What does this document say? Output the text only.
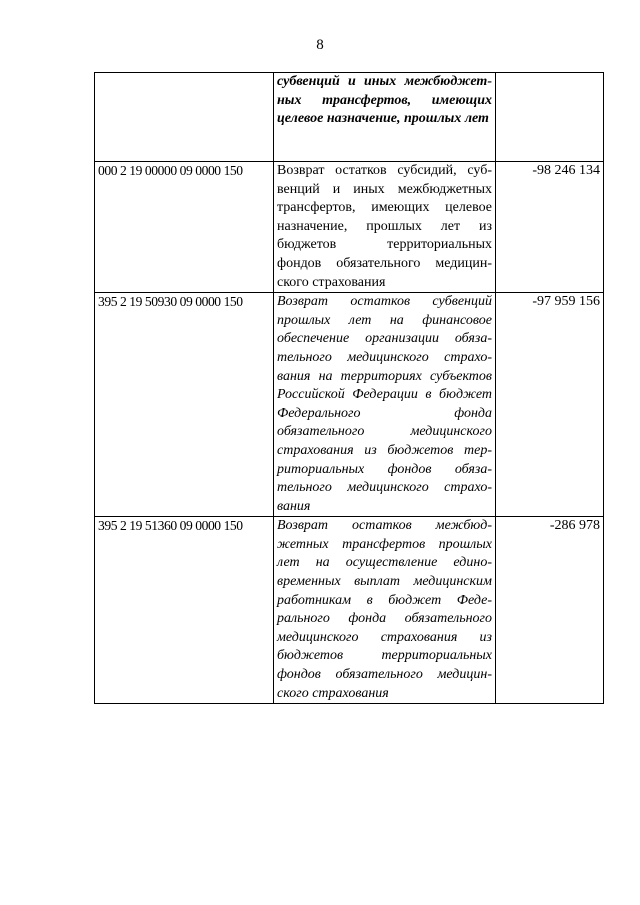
8
	субвенций и иных межбюджетных трансфертов, имеющих целевое назначение, прошлых лет	
000 2 19 00000 09 0000 150	Возврат остатков субсидий, субвенций и иных межбюджетных трансфертов, имеющих целевое назначение, прошлых лет из бюджетов территориальных фондов обязательного медицинского страхования	-98 246 134
395 2 19 50930 09 0000 150	Возврат остатков субвенций прошлых лет на финансовое обеспечение организации обязательного медицинского страхования на территориях субъектов Российской Федерации в бюджет Федерального фонда обязательного медицинского страхования из бюджетов территориальных фондов обязательного медицинского страхования	-97 959 156
395 2 19 51360 09 0000 150	Возврат остатков межбюджетных трансфертов прошлых лет на осуществление единовременных выплат медицинским работникам в бюджет Федерального фонда обязательного медицинского страхования из бюджетов территориальных фондов обязательного медицинского страхования	-286 978
